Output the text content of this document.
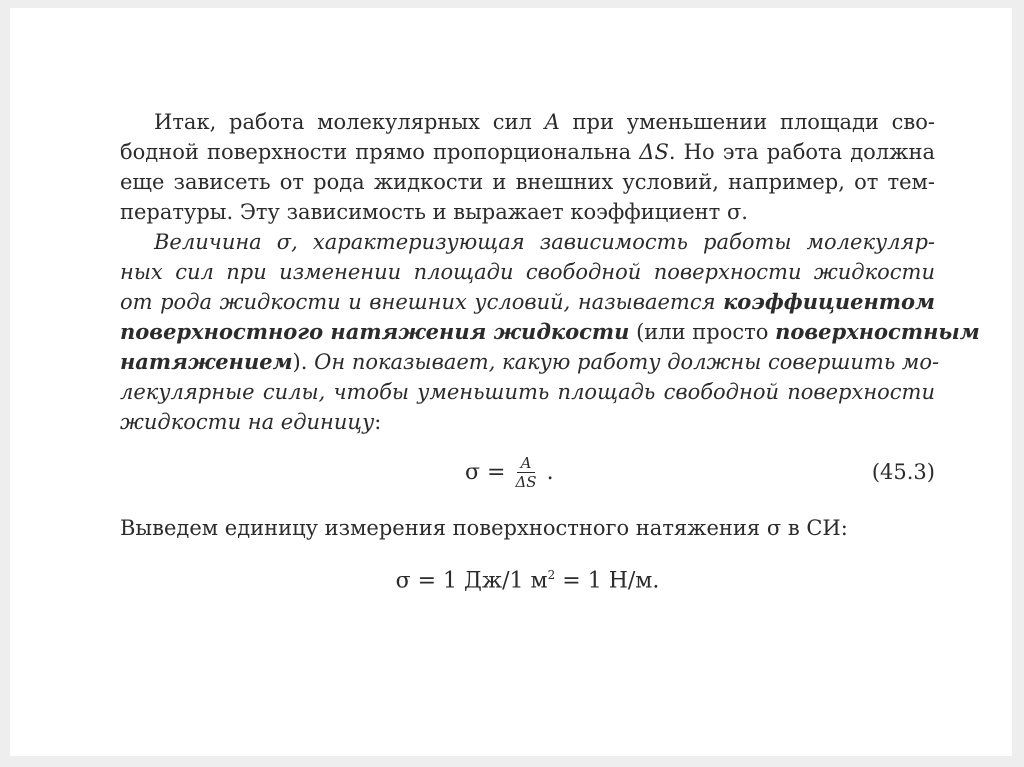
Итак, работа молекулярных сил A при уменьшении площади сво-
бодной поверхности прямо пропорциональна ΔS. Но эта работа должна
еще зависеть от рода жидкости и внешних условий, например, от тем-
пературы. Эту зависимость и выражает коэффициент σ.
Величина σ, характеризующая зависимость работы молекуляр-
ных сил при изменении площади свободной поверхности жидкости
от рода жидкости и внешних условий, называется коэффициентом
поверхностного натяжения жидкости (или просто поверхностным
натяжением). Он показывает, какую работу должны совершить мо-
лекулярные силы, чтобы уменьшить площадь свободной поверхности
жидкости на единицу:
$\sigma = \frac{A}{\Delta S}$ .	(45.3)
Выведем единицу измерения поверхностного натяжения σ в СИ:
σ = 1 Дж/1 $м^2 = 1$ Н/м.
